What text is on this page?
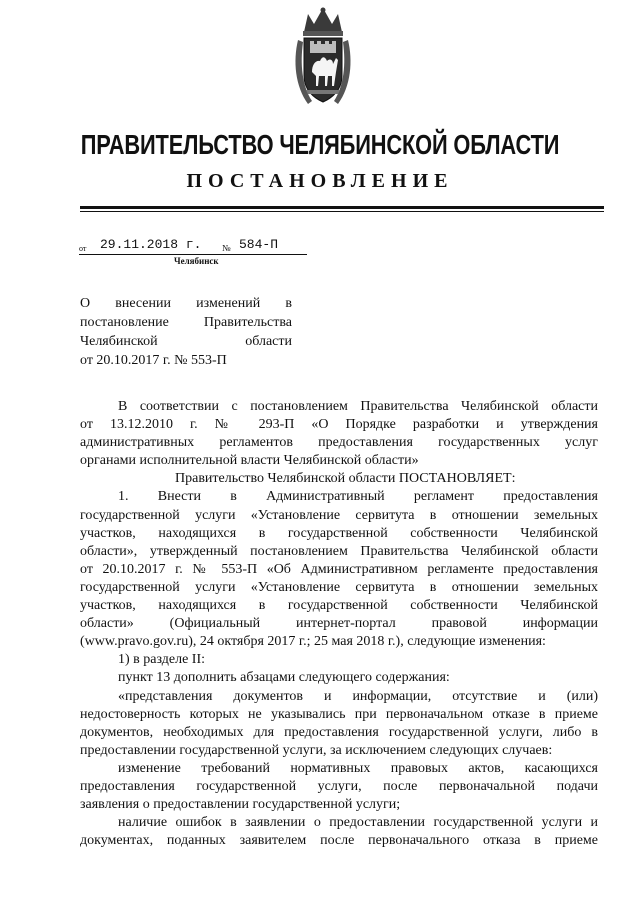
ПРАВИТЕЛЬСТВО ЧЕЛЯБИНСКОЙ ОБЛАСТИ
ПОСТАНОВЛЕНИЕ
от 29.11.2018 г. № 584-П
Челябинск
О внесении изменений в
постановление Правительства
Челябинской области
от 20.10.2017 г. № 553-П
В соответствии с постановлением Правительства Челябинской области
от 13.12.2010 г. № 293-П «О Порядке разработки и утверждения
административных регламентов предоставления государственных услуг
органами исполнительной власти Челябинской области»
Правительство Челябинской области ПОСТАНОВЛЯЕТ:
1. Внести в Административный регламент предоставления
государственной услуги «Установление сервитута в отношении земельных
участков, находящихся в государственной собственности Челябинской
области», утвержденный постановлением Правительства Челябинской области
от 20.10.2017 г. № 553-П «Об Административном регламенте предоставления
государственной услуги «Установление сервитута в отношении земельных
участков, находящихся в государственной собственности Челябинской
области» (Официальный интернет-портал правовой информации
(www.pravo.gov.ru), 24 октября 2017 г.; 25 мая 2018 г.), следующие изменения:
1) в разделе II:
пункт 13 дополнить абзацами следующего содержания:
«представления документов и информации, отсутствие и (или)
недостоверность которых не указывались при первоначальном отказе в приеме
документов, необходимых для предоставления государственной услуги, либо в
предоставлении государственной услуги, за исключением следующих случаев:
изменение требований нормативных правовых актов, касающихся
предоставления государственной услуги, после первоначальной подачи
заявления о предоставлении государственной услуги;
наличие ошибок в заявлении о предоставлении государственной услуги и
документах, поданных заявителем после первоначального отказа в приеме
